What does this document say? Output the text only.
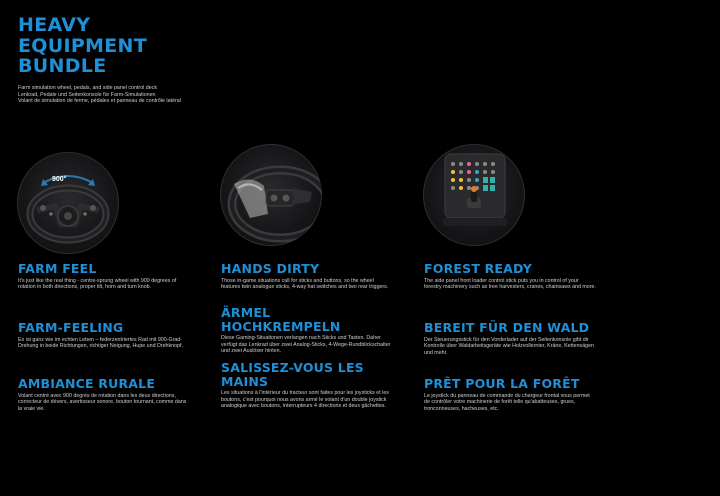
HEAVY
EQUIPMENT
BUNDLE
Farm simulation wheel, pedals, and side panel control deck
Lenkrad, Pedale und Seitenkonsole für Farm-Simulationen
Volant de simulation de ferme, pédales et panneau de contrôle latéral
900°
FARM FEEL
It's just like the real thing - centre-sprung wheel with 900 degrees of rotation in both directions, proper tilt, horn and turn knob.
FARM-FEELING
Es ist ganz wie im echten Leben – federzentriertes Rad mit 900-Grad-Drehung in beide Richtungen, richtiger Neigung, Hupe und Drehknopf.
AMBIANCE RURALE
Volant centré avec 900 degrés de rotation dans les deux directions, correcteur de dévers, avertisseur sonore, bouton tournant, comme dans la vraie vie.
HANDS DIRTY
Those in-game situations call for sticks and buttons, so the wheel features twin analogue sticks, 4-way hat switches and two rear triggers.
ÄRMEL HOCHKREMPELN
Diese Gaming-Situationen verlangen nach Sticks und Tasten. Daher verfügt das Lenkrad über zwei Analog-Sticks, 4-Wege-Rundblickschalter und zwei Auslöser hinten.
SALISSEZ-VOUS LES MAINS
Les situations à l'intérieur du tracteur sont faites pour les joysticks et les boutons, c'est pourquoi nous avons armé le volant d'un double joystick analogique avec boutons, interrupteurs 4 directions et deux gâchettes.
FOREST READY
The side panel front loader control stick puts you in control of your forestry machinery such as tree harvesters, cranes, chainsaws and more.
BEREIT FÜR DEN WALD
Der Steuerungsstick für den Vorderlader auf der Seitenkonsole gibt dir Kontrolle über Waldarbeitsgeräte wie Holzvollernter, Kräne, Kettensägen und mehr.
PRÊT POUR LA FORÊT
Le joystick du panneau de commande du chargeur frontal vous permet de contrôler votre machinerie de forêt telle qu'abatteuses, grues, tronconneuses, hacheuses, etc.
